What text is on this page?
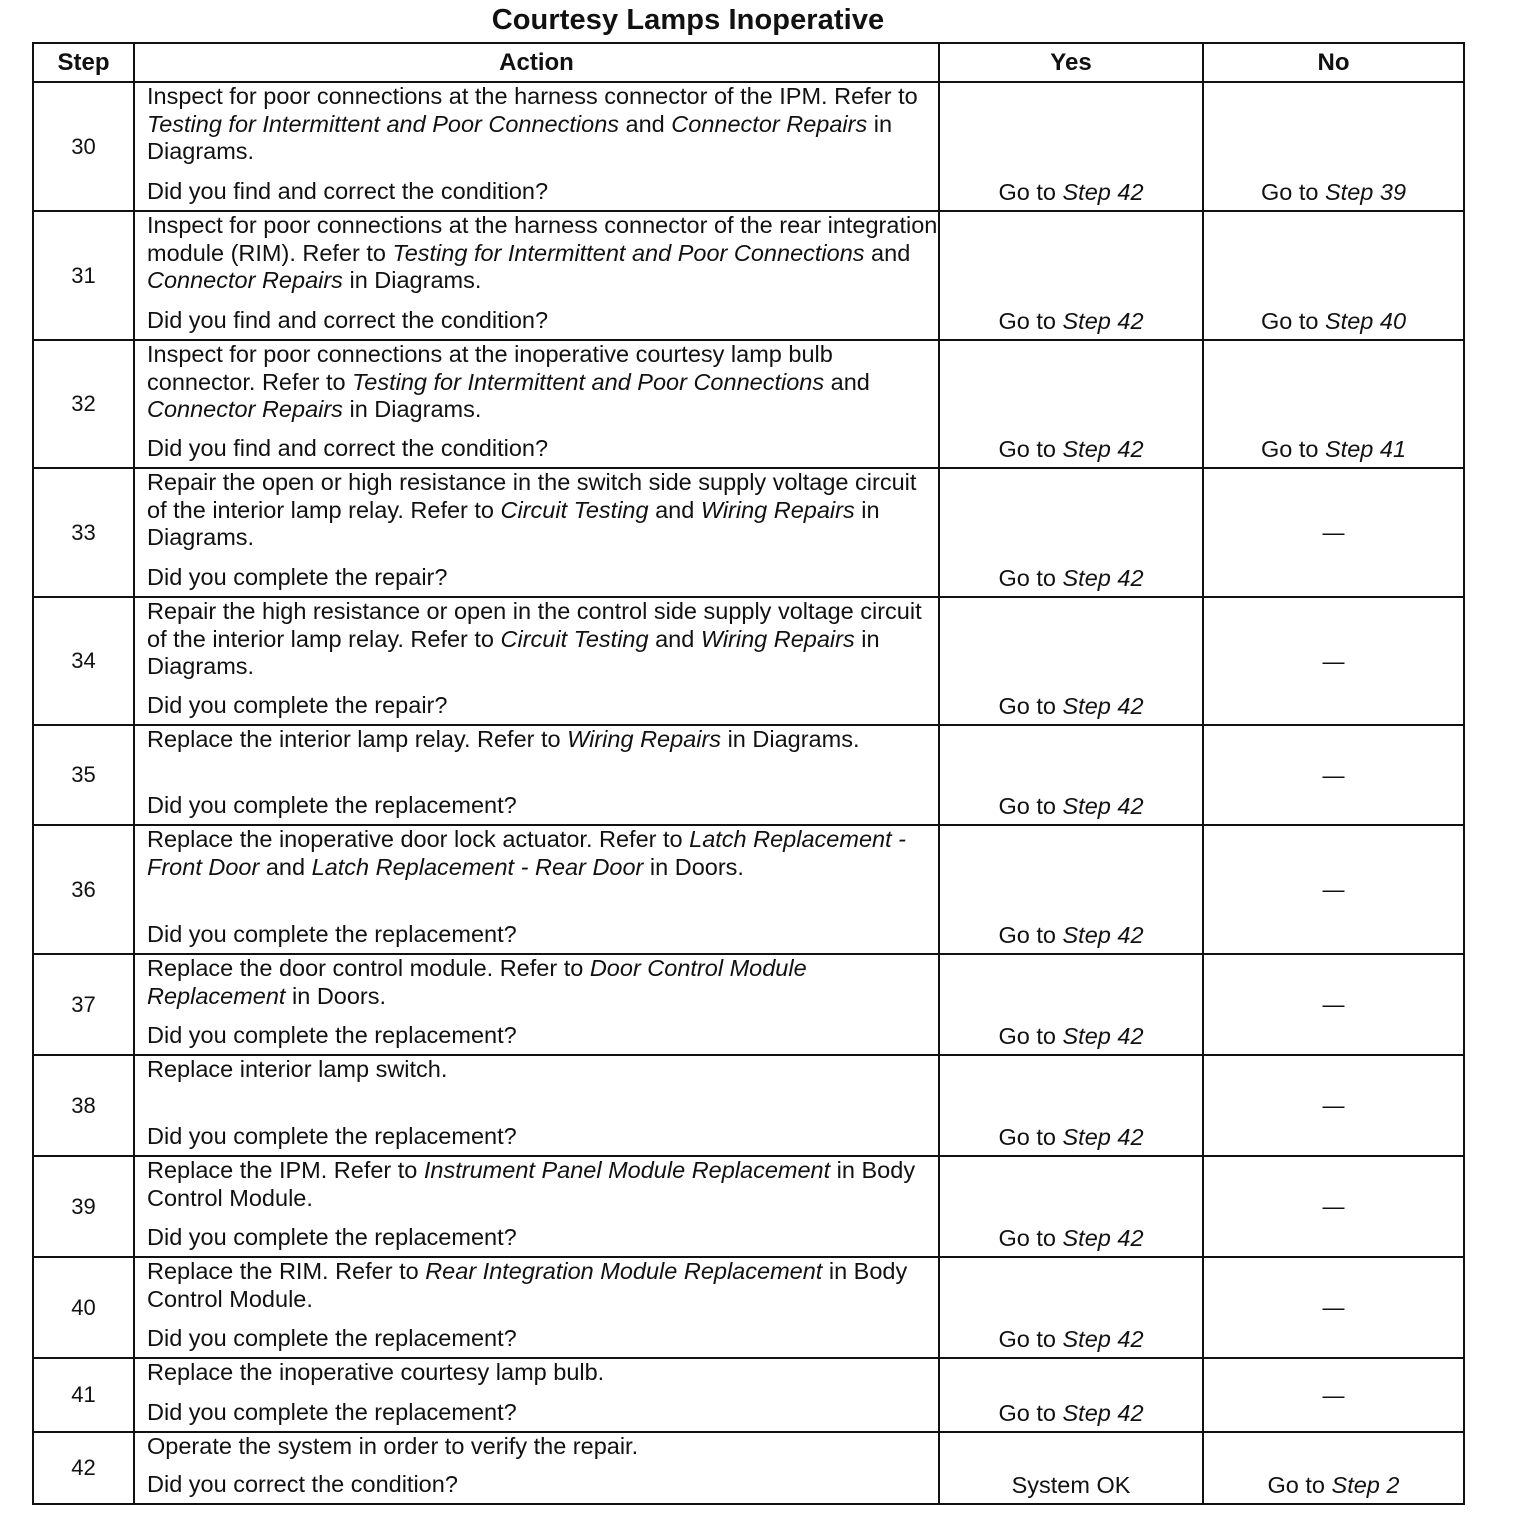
Courtesy Lamps Inoperative
Step	Action	Yes	No
30	Inspect for poor connections at the harness connector of the IPM. Refer to Testing for Intermittent and Poor Connections and Connector Repairs in Diagrams.
Did you find and correct the condition?	Go to Step 42	Go to Step 39
31	Inspect for poor connections at the harness connector of the rear integration module (RIM). Refer to Testing for Intermittent and Poor Connections and Connector Repairs in Diagrams.
Did you find and correct the condition?	Go to Step 42	Go to Step 40
32	Inspect for poor connections at the inoperative courtesy lamp bulb connector. Refer to Testing for Intermittent and Poor Connections and Connector Repairs in Diagrams.
Did you find and correct the condition?	Go to Step 42	Go to Step 41
33	Repair the open or high resistance in the switch side supply voltage circuit of the interior lamp relay. Refer to Circuit Testing and Wiring Repairs in Diagrams.
Did you complete the repair?	Go to Step 42	—
34	Repair the high resistance or open in the control side supply voltage circuit of the interior lamp relay. Refer to Circuit Testing and Wiring Repairs in Diagrams.
Did you complete the repair?	Go to Step 42	—
35	Replace the interior lamp relay. Refer to Wiring Repairs in Diagrams.
Did you complete the replacement?	Go to Step 42	—
36	Replace the inoperative door lock actuator. Refer to Latch Replacement - Front Door and Latch Replacement - Rear Door in Doors.
Did you complete the replacement?	Go to Step 42	—
37	Replace the door control module. Refer to Door Control Module Replacement in Doors.
Did you complete the replacement?	Go to Step 42	—
38	Replace interior lamp switch.
Did you complete the replacement?	Go to Step 42	—
39	Replace the IPM. Refer to Instrument Panel Module Replacement in Body Control Module.
Did you complete the replacement?	Go to Step 42	—
40	Replace the RIM. Refer to Rear Integration Module Replacement in Body Control Module.
Did you complete the replacement?	Go to Step 42	—
41	Replace the inoperative courtesy lamp bulb.
Did you complete the replacement?	Go to Step 42	—
42	Operate the system in order to verify the repair.
Did you correct the condition?	System OK	Go to Step 2
